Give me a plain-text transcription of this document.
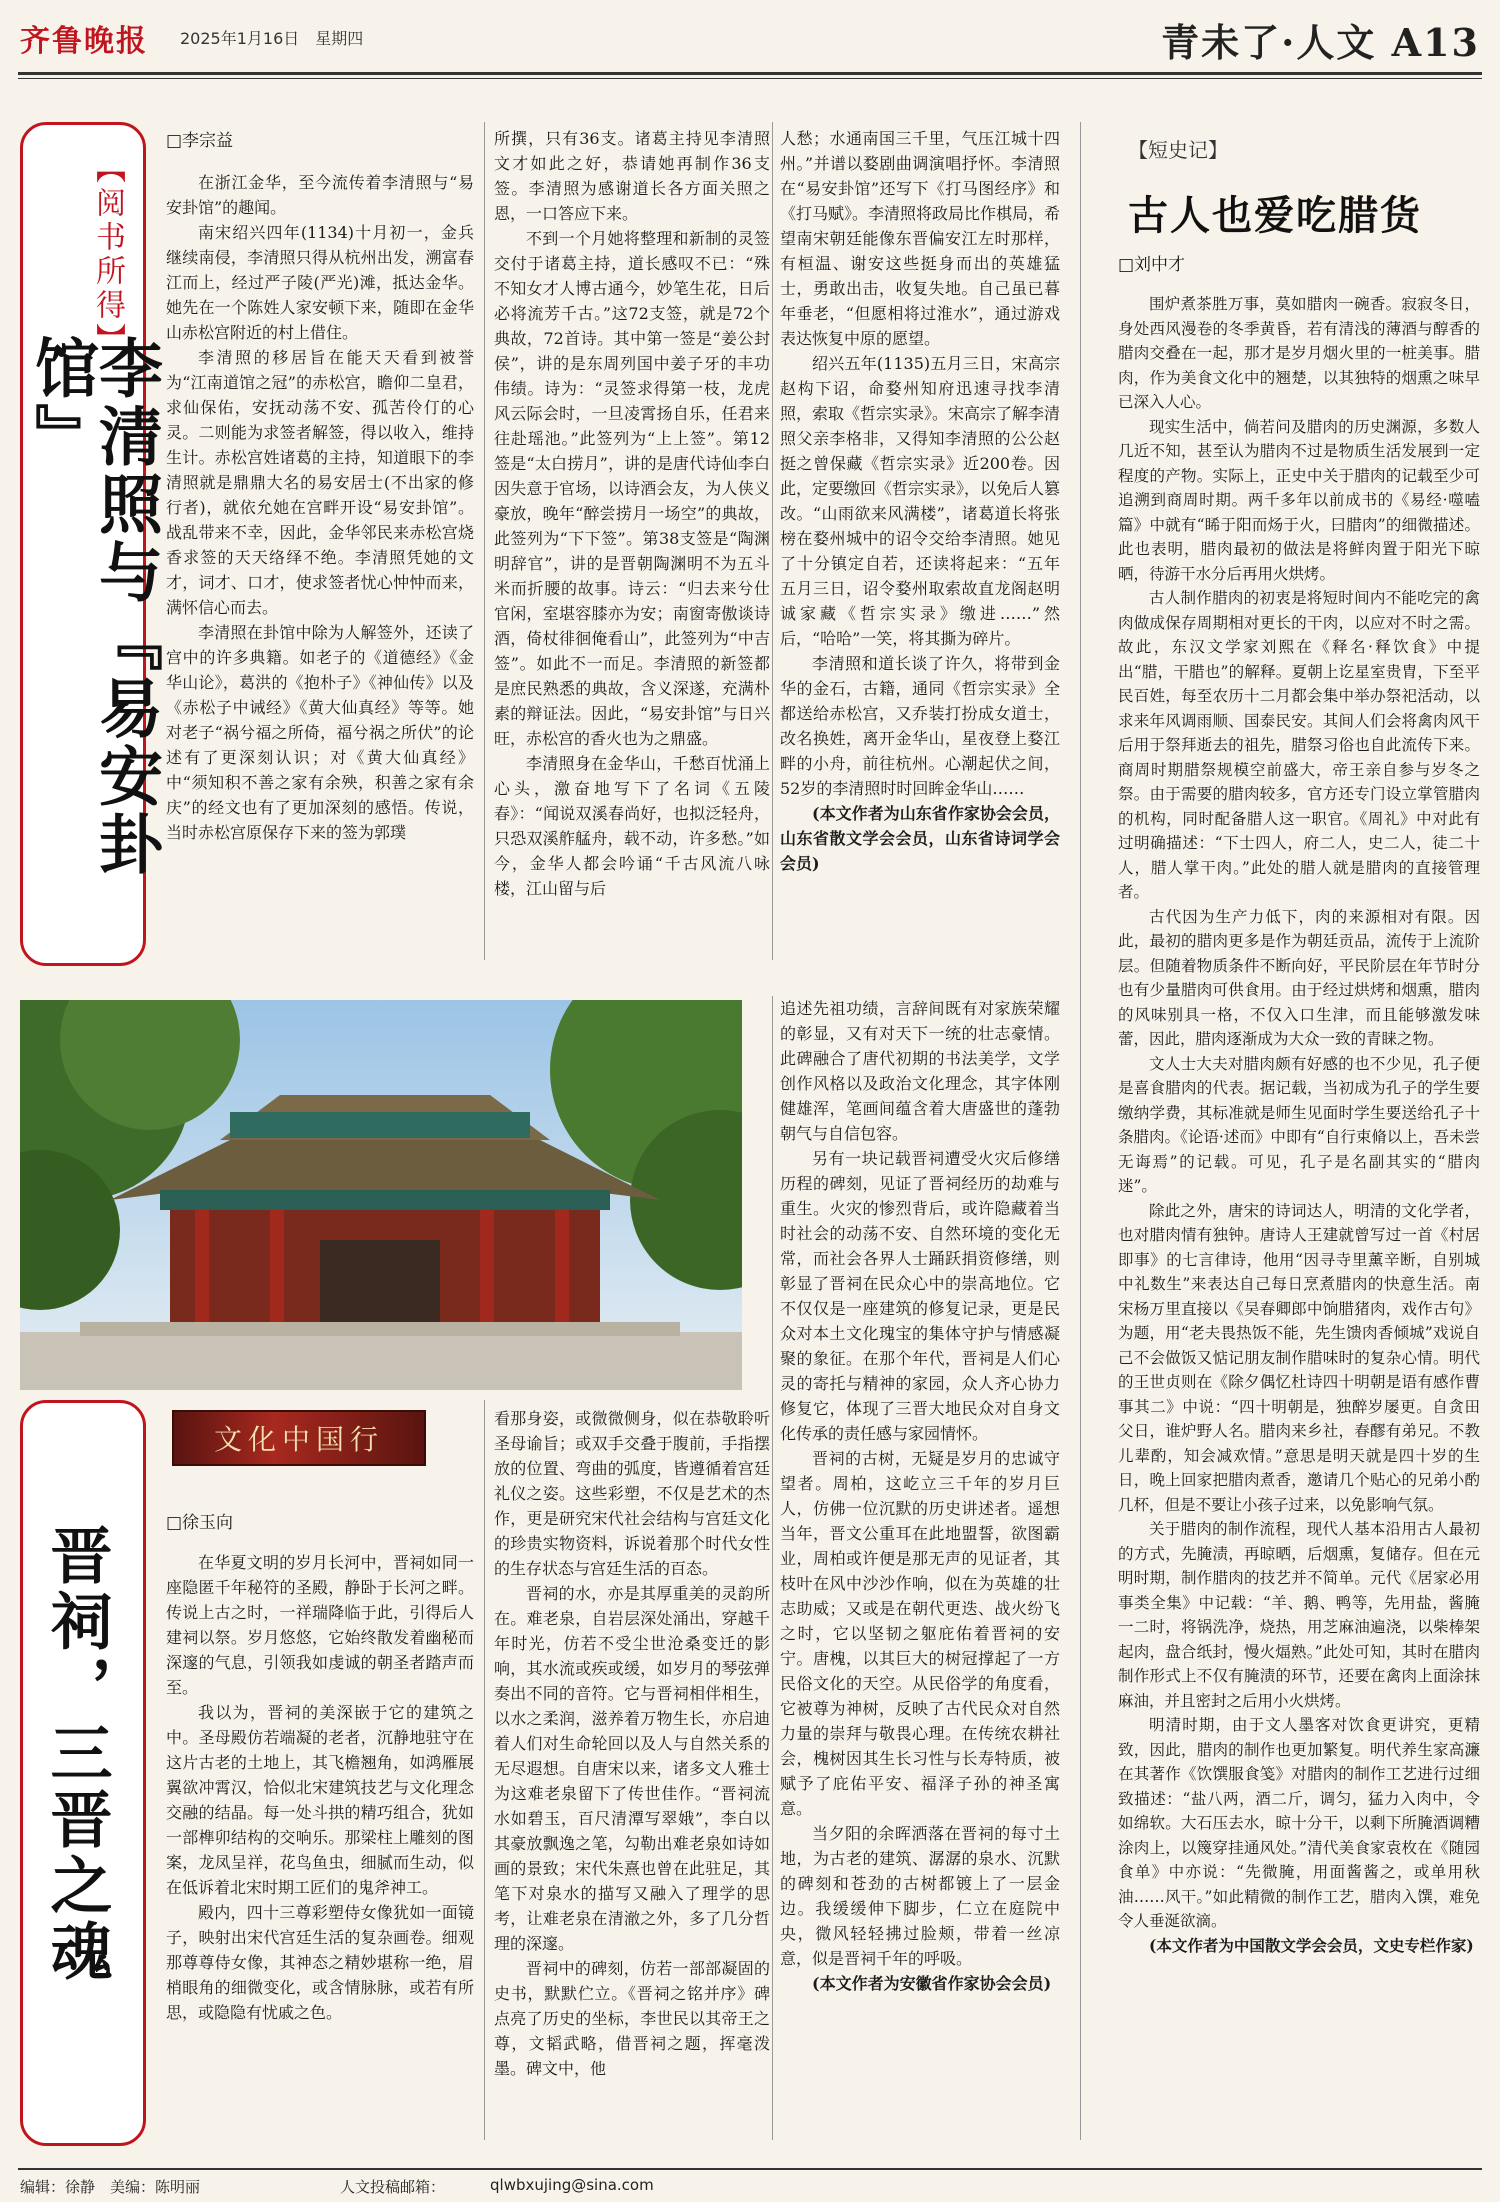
齐鲁晚报 2025年1月16日　星期四	青未了·人文 A13
【阅书所得】
李清照与『易安卦馆』
□李宗益

在浙江金华，至今流传着李清照与“易安卦馆”的趣闻。

南宋绍兴四年(1134)十月初一，金兵继续南侵，李清照只得从杭州出发，溯富春江而上，经过严子陵(严光)滩，抵达金华。她先在一个陈姓人家安顿下来，随即在金华山赤松宫附近的村上借住。

李清照的移居旨在能天天看到被誉为“江南道馆之冠”的赤松宫，瞻仰二皇君，求仙保佑，安抚动荡不安、孤苦伶仃的心灵。二则能为求签者解签，得以收入，维持生计。赤松宫姓诸葛的主持，知道眼下的李清照就是鼎鼎大名的易安居士(不出家的修行者)，就依允她在宫畔开设“易安卦馆”。战乱带来不幸，因此，金华邻民来赤松宫烧香求签的天天络绎不绝。李清照凭她的文才，词才、口才，使求签者忧心忡忡而来，满怀信心而去。

李清照在卦馆中除为人解签外，还读了宫中的许多典籍。如老子的《道德经》《金华山论》，葛洪的《抱朴子》《神仙传》以及《赤松子中诫经》《黄大仙真经》等等。她对老子“祸兮福之所倚，福兮祸之所伏”的论述有了更深刻认识；对《黄大仙真经》中“须知积不善之家有余殃，积善之家有余庆”的经文也有了更加深刻的感悟。传说，当时赤松宫原保存下来的签为郭璞

所撰，只有36支。诸葛主持见李清照文才如此之好，恭请她再制作36支签。李清照为感谢道长各方面关照之恩，一口答应下来。

不到一个月她将整理和新制的灵签交付于诸葛主持，道长感叹不已：“殊不知女才人博古通今，妙笔生花，日后必将流芳千古。”这72支签，就是72个典故，72首诗。其中第一签是“姜公封侯”，讲的是东周列国中姜子牙的丰功伟绩。诗为：“灵签求得第一枝，龙虎风云际会时，一旦凌霄扬自乐，任君来往赴瑶池。”此签列为“上上签”。第12签是“太白捞月”，讲的是唐代诗仙李白因失意于官场，以诗酒会友，为人侠义豪放，晚年“醉尝捞月一场空”的典故，此签列为“下下签”。第38支签是“陶渊明辞官”，讲的是晋朝陶渊明不为五斗米而折腰的故事。诗云：“归去来兮仕官闲，室堪容膝亦为安；南窗寄傲谈诗酒，倚杖徘徊俺看山”，此签列为“中吉签”。如此不一而足。李清照的新签都是庶民熟悉的典故，含义深遂，充满朴素的辩证法。因此，“易安卦馆”与日兴旺，赤松宫的香火也为之鼎盛。

李清照身在金华山，千愁百忧涌上心头，激奋地写下了名词《五陵春》：“闻说双溪春尚好，也拟泛轻舟，只恐双溪舴艋舟，载不动，许多愁。”如今，金华人都会吟诵“千古风流八咏楼，江山留与后

人愁；水通南国三千里，气压江城十四州。”并谱以婺剧曲调演唱抒怀。李清照在“易安卦馆”还写下《打马图经序》和《打马赋》。李清照将政局比作棋局，希望南宋朝廷能像东晋偏安江左时那样，有桓温、谢安这些挺身而出的英雄猛士，勇敢出击，收复失地。自己虽已暮年垂老，“但愿相将过淮水”，通过游戏表达恢复中原的愿望。

绍兴五年(1135)五月三日，宋高宗赵构下诏，命婺州知府迅速寻找李清照，索取《哲宗实录》。宋高宗了解李清照父亲李格非，又得知李清照的公公赵挺之曾保藏《哲宗实录》近200卷。因此，定要缴回《哲宗实录》，以免后人篡改。“山雨欲来风满楼”，诸葛道长将张榜在婺州城中的诏令交给李清照。她见了十分镇定自若，还读将起来：“五年五月三日，诏令婺州取索故直龙阁赵明诚家藏《哲宗实录》缴进……”然后，“哈哈”一笑，将其撕为碎片。

李清照和道长谈了许久，将带到金华的金石，古籍，通同《哲宗实录》全都送给赤松宫，又乔装打扮成女道士，改名换姓，离开金华山，星夜登上婺江畔的小舟，前往杭州。心潮起伏之间，52岁的李清照时时回眸金华山……

(本文作者为山东省作家协会会员，山东省散文学会会员，山东省诗词学会会员)

晋祠，三晋之魂
文化中国行
□徐玉向

在华夏文明的岁月长河中，晋祠如同一座隐匿千年秘符的圣殿，静卧于长河之畔。传说上古之时，一祥瑞降临于此，引得后人建祠以祭。岁月悠悠，它始终散发着幽秘而深邃的气息，引领我如虔诚的朝圣者踏声而至。

我以为，晋祠的美深嵌于它的建筑之中。圣母殿仿若端凝的老者，沉静地驻守在这片古老的土地上，其飞檐翘角，如鸿雁展翼欲冲霄汉，恰似北宋建筑技艺与文化理念交融的结晶。每一处斗拱的精巧组合，犹如一部榫卯结构的交响乐。那梁柱上雕刻的图案，龙凤呈祥，花鸟鱼虫，细腻而生动，似在低诉着北宋时期工匠们的鬼斧神工。

殿内，四十三尊彩塑侍女像犹如一面镜子，映射出宋代宫廷生活的复杂画卷。细观那尊尊侍女像，其神态之精妙堪称一绝，眉梢眼角的细微变化，或含情脉脉，或若有所思，或隐隐有忧戚之色。

看那身姿，或微微侧身，似在恭敬聆听圣母谕旨；或双手交叠于腹前，手指摆放的位置、弯曲的弧度，皆遵循着宫廷礼仪之姿。这些彩塑，不仅是艺术的杰作，更是研究宋代社会结构与宫廷文化的珍贵实物资料，诉说着那个时代女性的生存状态与宫廷生活的百态。

晋祠的水，亦是其厚重美的灵韵所在。难老泉，自岩层深处涌出，穿越千年时光，仿若不受尘世沧桑变迁的影响，其水流或疾或缓，如岁月的琴弦弹奏出不同的音符。它与晋祠相伴相生，以水之柔润，滋养着万物生长，亦启迪着人们对生命轮回以及人与自然关系的无尽遐想。自唐宋以来，诸多文人雅士为这难老泉留下了传世佳作。“晋祠流水如碧玉，百尺清潭写翠娥”，李白以其豪放飘逸之笔，勾勒出难老泉如诗如画的景致；宋代朱熹也曾在此驻足，其笔下对泉水的描写又融入了理学的思考，让难老泉在清澈之外，多了几分哲理的深邃。

晋祠中的碑刻，仿若一部部凝固的史书，默默伫立。《晋祠之铭并序》碑点亮了历史的坐标，李世民以其帝王之尊，文韬武略，借晋祠之题，挥毫泼墨。碑文中，他

追述先祖功绩，言辞间既有对家族荣耀的彰显，又有对天下一统的壮志豪情。此碑融合了唐代初期的书法美学，文学创作风格以及政治文化理念，其字体刚健雄浑，笔画间蕴含着大唐盛世的蓬勃朝气与自信包容。

另有一块记载晋祠遭受火灾后修缮历程的碑刻，见证了晋祠经历的劫难与重生。火灾的惨烈背后，或许隐藏着当时社会的动荡不安、自然环境的变化无常，而社会各界人士踊跃捐资修缮，则彰显了晋祠在民众心中的崇高地位。它不仅仅是一座建筑的修复记录，更是民众对本土文化瑰宝的集体守护与情感凝聚的象征。在那个年代，晋祠是人们心灵的寄托与精神的家园，众人齐心协力修复它，体现了三晋大地民众对自身文化传承的责任感与家园情怀。

晋祠的古树，无疑是岁月的忠诚守望者。周柏，这屹立三千年的岁月巨人，仿佛一位沉默的历史讲述者。遥想当年，晋文公重耳在此地盟誓，欲图霸业，周柏或许便是那无声的见证者，其枝叶在风中沙沙作响，似在为英雄的壮志助威；又或是在朝代更迭、战火纷飞之时，它以坚韧之躯庇佑着晋祠的安宁。唐槐，以其巨大的树冠撑起了一方民俗文化的天空。从民俗学的角度看，它被尊为神树，反映了古代民众对自然力量的崇拜与敬畏心理。在传统农耕社会，槐树因其生长习性与长寿特质，被赋予了庇佑平安、福泽子孙的神圣寓意。

当夕阳的余晖洒落在晋祠的每寸土地，为古老的建筑、潺潺的泉水、沉默的碑刻和苍劲的古树都镀上了一层金边。我缓缓伸下脚步，仁立在庭院中央，微风轻轻拂过脸颊，带着一丝凉意，似是晋祠千年的呼吸。

(本文作者为安徽省作家协会会员)

【短史记】
古人也爱吃腊货
□刘中才

围炉煮茶胜万事，莫如腊肉一碗香。寂寂冬日，身处西风漫卷的冬季黄昏，若有清浅的薄酒与醇香的腊肉交叠在一起，那才是岁月烟火里的一桩美事。腊肉，作为美食文化中的翘楚，以其独特的烟熏之味早已深入人心。

现实生活中，倘若问及腊肉的历史渊源，多数人几近不知，甚至认为腊肉不过是物质生活发展到一定程度的产物。实际上，正史中关于腊肉的记载至少可追溯到商周时期。两千多年以前成书的《易经·噬嗑篇》中就有“睎于阳而炀于火，曰腊肉”的细微描述。此也表明，腊肉最初的做法是将鲜肉置于阳光下晾晒，待游干水分后再用火烘烤。

古人制作腊肉的初衷是将短时间内不能吃完的禽肉做成保存周期相对更长的干肉，以应对不时之需。故此，东汉文学家刘熙在《释名·释饮食》中提出“腊，干腊也”的解释。夏朝上讫星室贵胄，下至平民百姓，每至农历十二月都会集中举办祭祀活动，以求来年风调雨顺、国泰民安。其间人们会将禽肉风干后用于祭拜逝去的祖先，腊祭习俗也自此流传下来。商周时期腊祭规模空前盛大，帝王亲自参与岁冬之祭。由于需要的腊肉较多，官方还专门设立掌管腊肉的机构，同时配备腊人这一职官。《周礼》中对此有过明确描述：“下士四人，府二人，史二人，徒二十人，腊人掌干肉。”此处的腊人就是腊肉的直接管理者。

古代因为生产力低下，肉的来源相对有限。因此，最初的腊肉更多是作为朝廷贡品，流传于上流阶层。但随着物质条件不断向好，平民阶层在年节时分也有少量腊肉可供食用。由于经过烘烤和烟熏，腊肉的风味别具一格，不仅入口生津，而且能够激发味蕾，因此，腊肉逐渐成为大众一致的青睐之物。

文人士大夫对腊肉颇有好感的也不少见，孔子便是喜食腊肉的代表。据记载，当初成为孔子的学生要缴纳学费，其标准就是师生见面时学生要送给孔子十条腊肉。《论语·述而》中即有“自行束脩以上，吾未尝无诲焉”的记载。可见，孔子是名副其实的“腊肉迷”。

除此之外，唐宋的诗词达人，明清的文化学者，也对腊肉情有独钟。唐诗人王建就曾写过一首《村居即事》的七言律诗，他用“因寻寺里薰辛断，自别城中礼数生”来表达自己每日烹煮腊肉的快意生活。南宋杨万里直接以《吴春卿郎中饷腊猪肉，戏作古句》为题，用“老夫畏热饭不能，先生馈肉香倾城”戏说自己不会做饭又惦记朋友制作腊味时的复杂心情。明代的王世贞则在《除夕偶忆杜诗四十明朝是语有感作曹事其二》中说：“四十明朝是，独醉岁屡更。自贪田父日，谁炉野人名。腊肉来乡社，春醪有弟兄。不教儿辈酌，知会减欢情。”意思是明天就是四十岁的生日，晚上回家把腊肉煮香，邀请几个贴心的兄弟小酌几杯，但是不要让小孩子过来，以免影响气氛。

关于腊肉的制作流程，现代人基本沿用古人最初的方式，先腌渍，再晾晒，后烟熏，复储存。但在元明时期，制作腊肉的技艺并不简单。元代《居家必用事类全集》中记载：“羊、鹅、鸭等，先用盐，酱腌一二时，将锅洗净，烧热，用芝麻油遍浇，以柴棒架起肉，盘合纸封，慢火煏熟。”此处可知，其时在腊肉制作形式上不仅有腌渍的环节，还要在禽肉上面涂抹麻油，并且密封之后用小火烘烤。

明清时期，由于文人墨客对饮食更讲究，更精致，因此，腊肉的制作也更加繁复。明代养生家高濂在其著作《饮馔服食笺》对腊肉的制作工艺进行过细致描述：“盐八两，酒二斤，调匀，猛力入肉中，令如绵软。大石压去水，晾十分干，以剩下所腌酒调糟涂肉上，以篾穿挂通风处。”清代美食家袁枚在《随园食单》中亦说：“先微腌，用面酱酱之，或单用秋油……风干。”如此精微的制作工艺，腊肉入馔，难免令人垂涎欲滴。

(本文作者为中国散文学会会员，文史专栏作家)

编辑：徐静　美编：陈明丽	人文投稿邮箱：	qlwbxujing@sina.com
